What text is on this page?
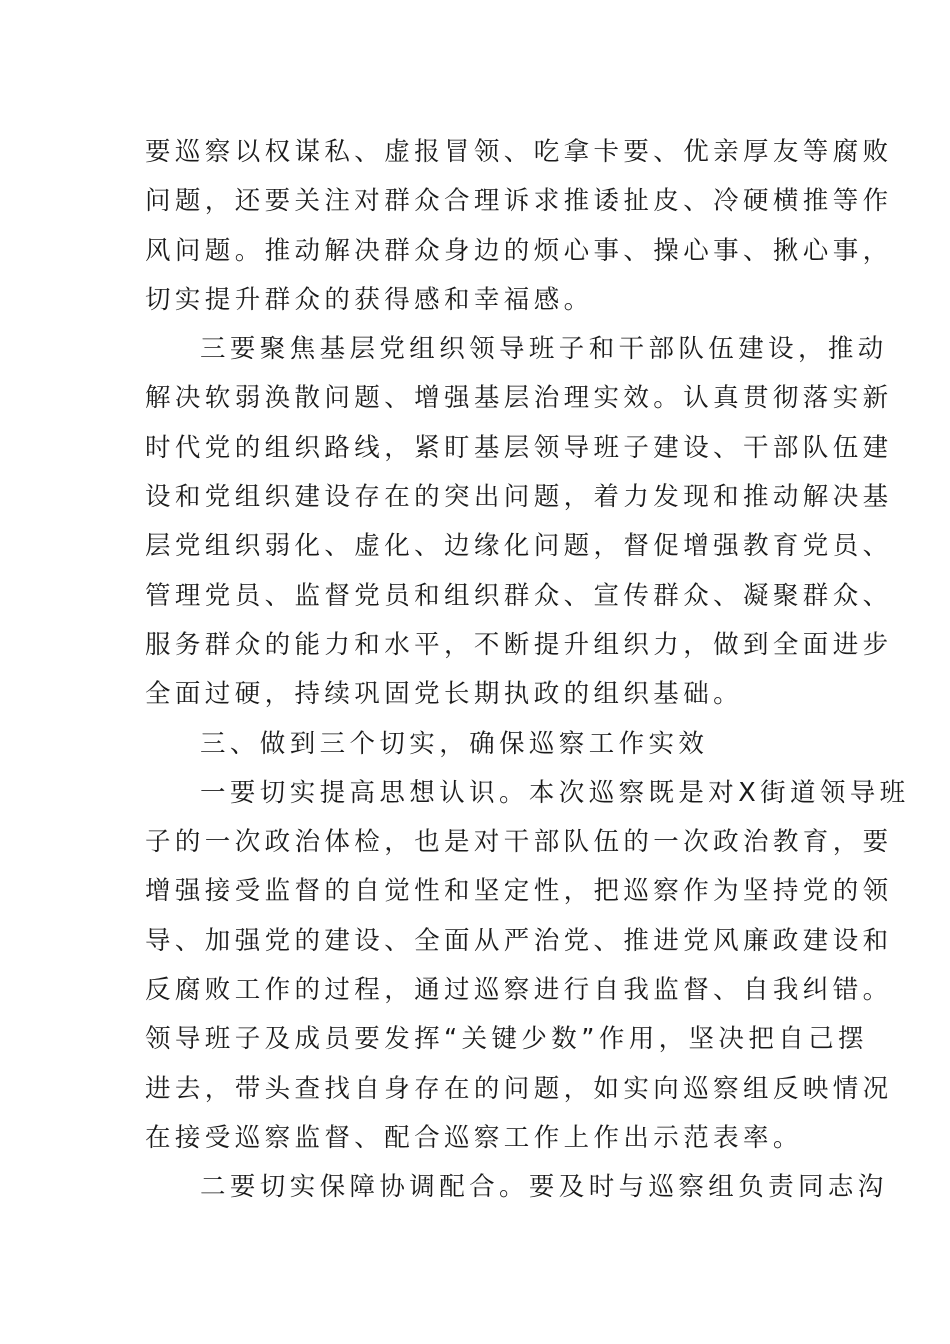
要巡察以权谋私、虚报冒领、吃拿卡要、优亲厚友等腐败
问题，还要关注对群众合理诉求推诿扯皮、冷硬横推等作
风问题。推动解决群众身边的烦心事、操心事、揪心事，
切实提升群众的获得感和幸福感。
三要聚焦基层党组织领导班子和干部队伍建设，推动
解决软弱涣散问题、增强基层治理实效。认真贯彻落实新
时代党的组织路线，紧盯基层领导班子建设、干部队伍建
设和党组织建设存在的突出问题，着力发现和推动解决基
层党组织弱化、虚化、边缘化问题，督促增强教育党员、
管理党员、监督党员和组织群众、宣传群众、凝聚群众、
服务群众的能力和水平，不断提升组织力，做到全面进步
全面过硬，持续巩固党长期执政的组织基础。
三、做到三个切实，确保巡察工作实效
一要切实提高思想认识。本次巡察既是对X街道领导班
子的一次政治体检，也是对干部队伍的一次政治教育，要
增强接受监督的自觉性和坚定性，把巡察作为坚持党的领
导、加强党的建设、全面从严治党、推进党风廉政建设和
反腐败工作的过程，通过巡察进行自我监督、自我纠错。
领导班子及成员要发挥“关键少数”作用，坚决把自己摆
进去，带头查找自身存在的问题，如实向巡察组反映情况
在接受巡察监督、配合巡察工作上作出示范表率。
二要切实保障协调配合。要及时与巡察组负责同志沟
